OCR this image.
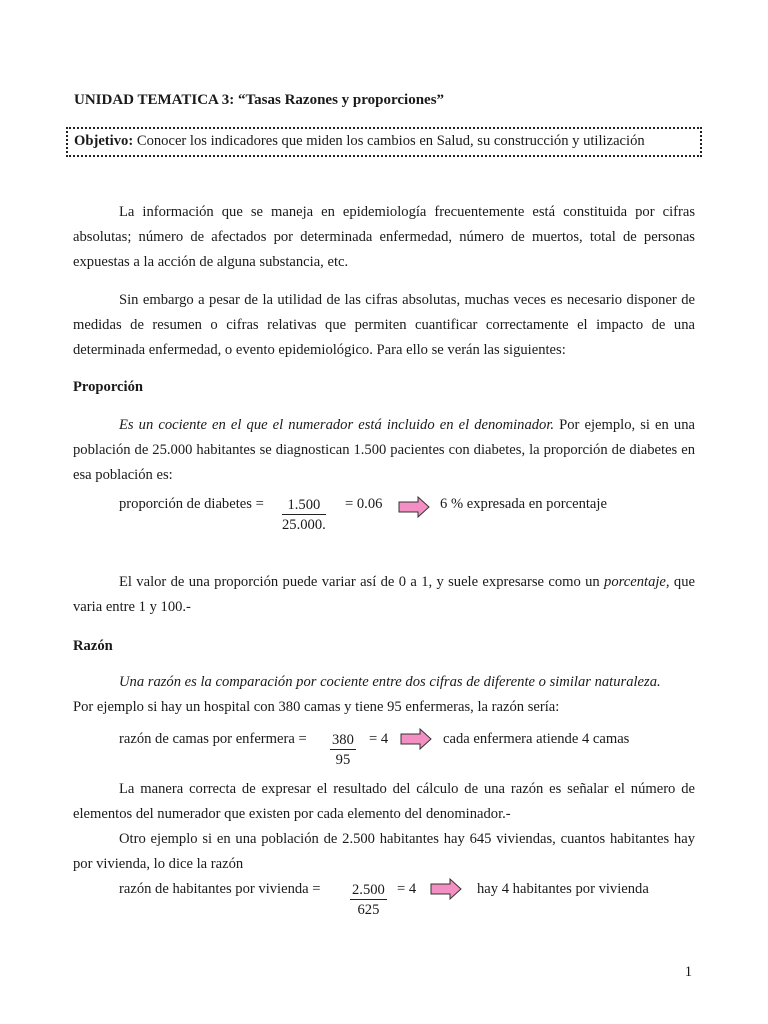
UNIDAD TEMATICA 3: “Tasas Razones y proporciones”
Objetivo: Conocer los indicadores que miden los cambios en Salud, su construcción y utilización
La información que se maneja en epidemiología frecuentemente está constituida por cifras absolutas; número de afectados por determinada enfermedad, número de muertos, total de personas expuestas a la acción de alguna substancia, etc.
Sin embargo a pesar de la utilidad de las cifras absolutas, muchas veces es necesario disponer de medidas de resumen o cifras relativas que permiten cuantificar correctamente el impacto de una determinada enfermedad, o evento epidemiológico. Para ello se verán las siguientes:
Proporción
Es un cociente en el que el numerador está incluido en el denominador. Por ejemplo, si en una población de 25.000 habitantes se diagnostican 1.500 pacientes con diabetes, la proporción de diabetes en esa población es:
proporción de diabetes = $\frac{1.500}{25.000.} = 0.06$	6 % expresada en porcentaje
El valor de una proporción puede variar así de 0 a 1, y suele expresarse como un porcentaje, que varia entre 1 y 100.-
Razón
Una razón es la comparación por cociente entre dos cifras de diferente o similar naturaleza.
Por ejemplo si hay un hospital con 380 camas y tiene 95 enfermeras, la razón sería:
razón de camas por enfermera = $\frac{380}{95} = 4$	cada enfermera atiende 4 camas
La manera correcta de expresar el resultado del cálculo de una razón es señalar el número de elementos del numerador que existen por cada elemento del denominador.-
Otro ejemplo si en una población de 2.500 habitantes hay 645 viviendas, cuantos habitantes hay por vivienda, lo dice la razón
razón de habitantes por vivienda = $\frac{2.500}{625} = 4$	hay 4 habitantes por vivienda
1
